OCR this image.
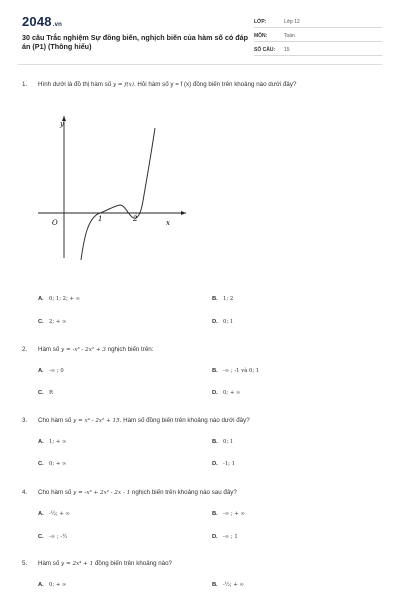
2048.vn
30 câu Trắc nghiệm Sự đồng biến, nghịch biến của hàm số có đáp án (P1) (Thông hiểu)
LỚP:	Lớp 12
MÔN:	Toán
SỐ CÂU: 15
1.	Hình dưới là đồ thị hàm số y = f(x). Hỏi hàm số y = f (x) đồng biến trên khoảng nào dưới đây?
y
x
O	1	2
A. 0; 1; 2; + ∞	B. 1; 2
C. 2; + ∞	D. 0; 1
2.	Hàm số y = -x³ - 2x² + 3 nghịch biến trên:
A. -∞ ; 0	B. -∞ ; -1 và 0; 1
C. R	D. 0; + ∞
3.	Cho hàm số y = x⁴ - 2x² + 15. Hàm số đồng biến trên khoảng nào dưới đây?
A. 1; + ∞	B. 0; 1
C. 0; + ∞	D. -1; 1
4.	Cho hàm số y = -x³ + 2x² - 2x - 1 nghịch biến trên khoảng nào sau đây?
A. -½; + ∞	B. -∞ ; + ∞
C. -∞ ; -½	D. -∞ ; 1
5.	Hàm số y = 2x⁴ + 1 đồng biến trên khoảng nào?
A. 0; + ∞	B. -½; + ∞
